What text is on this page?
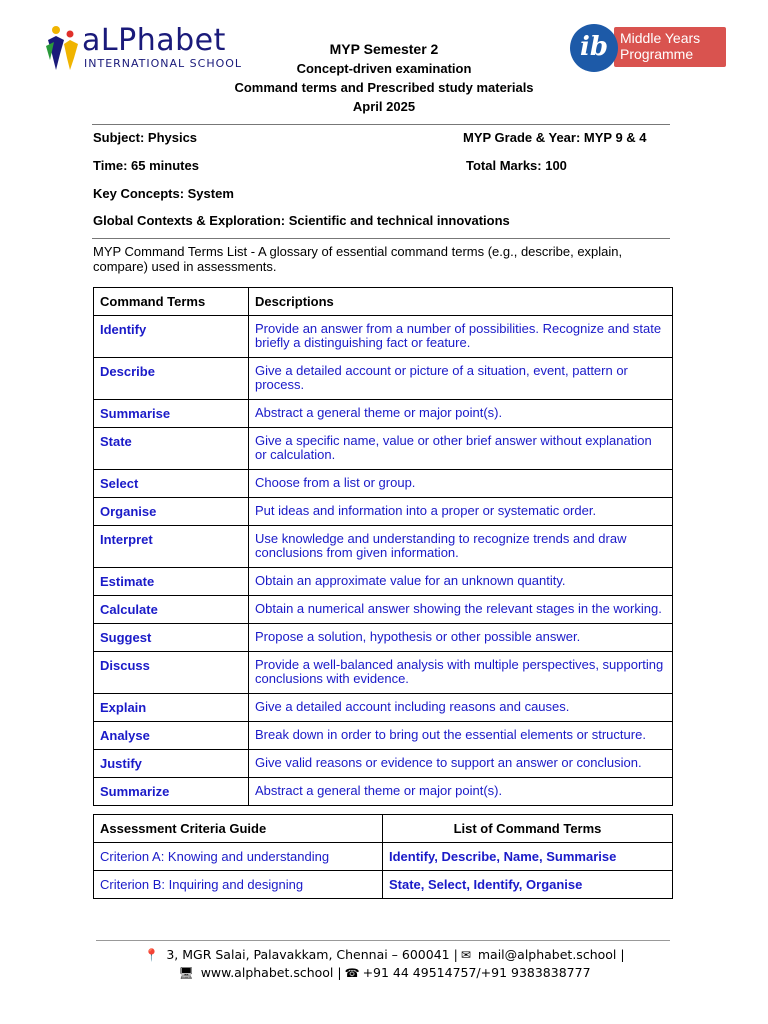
aLPhabet
INTERNATIONAL SCHOOL
Middle Years
Programme
ib
MYP Semester 2
Concept-driven examination
Command terms and Prescribed study materials
April 2025
Subject: Physics	MYP Grade & Year: MYP 9 & 4
Time: 65 minutes	Total Marks: 100
Key Concepts: System
Global Contexts & Exploration: Scientific and technical innovations
MYP Command Terms List - A glossary of essential command terms (e.g., describe, explain, compare) used in assessments.
Command Terms	Descriptions
Identify	Provide an answer from a number of possibilities. Recognize and state briefly a distinguishing fact or feature.
Describe	Give a detailed account or picture of a situation, event, pattern or process.
Summarise	Abstract a general theme or major point(s).
State	Give a specific name, value or other brief answer without explanation or calculation.
Select	Choose from a list or group.
Organise	Put ideas and information into a proper or systematic order.
Interpret	Use knowledge and understanding to recognize trends and draw conclusions from given information.
Estimate	Obtain an approximate value for an unknown quantity.
Calculate	Obtain a numerical answer showing the relevant stages in the working.
Suggest	Propose a solution, hypothesis or other possible answer.
Discuss	Provide a well-balanced analysis with multiple perspectives, supporting conclusions with evidence.
Explain	Give a detailed account including reasons and causes.
Analyse	Break down in order to bring out the essential elements or structure.
Justify	Give valid reasons or evidence to support an answer or conclusion.
Summarize	Abstract a general theme or major point(s).
Assessment Criteria Guide	List of Command Terms
Criterion A: Knowing and understanding	Identify, Describe, Name, Summarise
Criterion B: Inquiring and designing	State, Select, Identify, Organise
📍 3, MGR Salai, Palavakkam, Chennai – 600041 | ✉ mail@alphabet.school |
🖥 www.alphabet.school | ☎ +91 44 49514757/+91 9383838777
